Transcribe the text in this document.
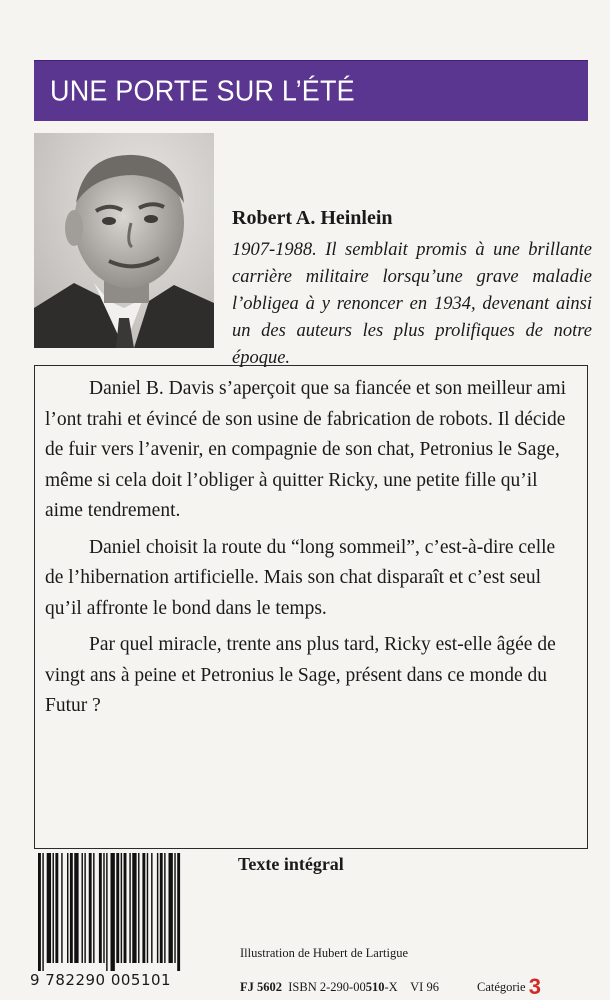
UNE PORTE SUR L’ÉTÉ
Robert A. Heinlein
1907-1988. Il semblait promis à une brillante carrière militaire lorsqu’une grave maladie l’obligea à y renoncer en 1934, devenant ainsi un des auteurs les plus prolifiques de notre époque.

Daniel B. Davis s’aperçoit que sa fiancée et son meilleur ami l’ont trahi et évincé de son usine de fabrication de robots. Il décide de fuir vers l’avenir, en compagnie de son chat, Petronius le Sage, même si cela doit l’obliger à quitter Ricky, une petite fille qu’il aime tendrement.

Daniel choisit la route du “long sommeil”, c’est-à-dire celle de l’hibernation artificielle. Mais son chat disparaît et c’est seul qu’il affronte le bond dans le temps.

Par quel miracle, trente ans plus tard, Ricky est-elle âgée de vingt ans à peine et Petronius le Sage, présent dans ce monde du Futur ?

9 782290 005101
Texte intégral
Illustration de Hubert de Lartigue
FJ 5602 ISBN 2-290-00510-X VI 96	Catégorie 3
